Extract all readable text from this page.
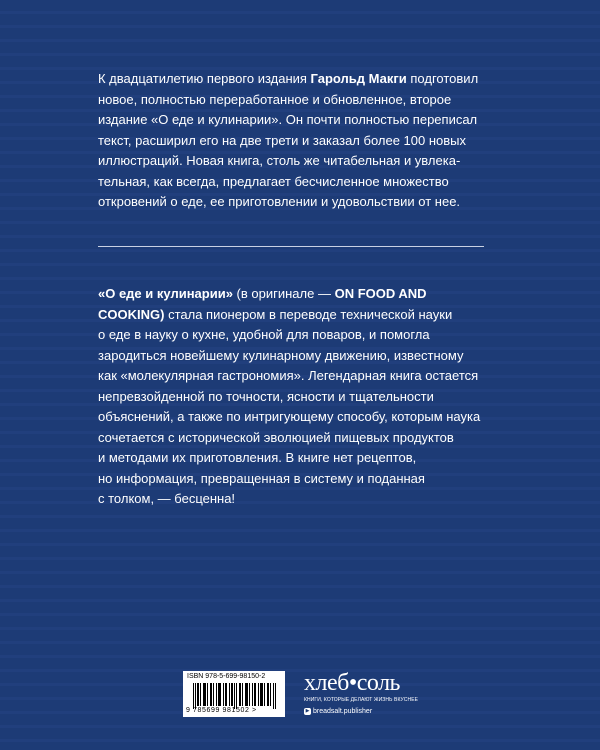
К двадцатилетию первого издания Гарольд Макги подготовил
новое, полностью переработанное и обновленное, второе
издание «О еде и кулинарии». Он почти полностью переписал
текст, расширил его на две трети и заказал более 100 новых
иллюстраций. Новая книга, столь же читабельная и увлека-
тельная, как всегда, предлагает бесчисленное множество
откровений о еде, ее приготовлении и удовольствии от нее.
«О еде и кулинарии» (в оригинале — ON FOOD AND
COOKING) стала пионером в переводе технической науки
о еде в науку о кухне, удобной для поваров, и помогла
зародиться новейшему кулинарному движению, известному
как «молекулярная гастрономия». Легендарная книга остается
непревзойденной по точности, ясности и тщательности
объяснений, а также по интригующему способу, которым наука
сочетается с исторической эволюцией пищевых продуктов
и методами их приготовления. В книге нет рецептов,
но информация, превращенная в систему и поданная
с толком, — бесценна!
ISBN 978-5-699-98150-2
9 785699 981502 >
хлеб•соль
КНИГИ, КОТОРЫЕ ДЕЛАЮТ ЖИЗНЬ ВКУСНЕЕ
▶ breadsalt.publisher
